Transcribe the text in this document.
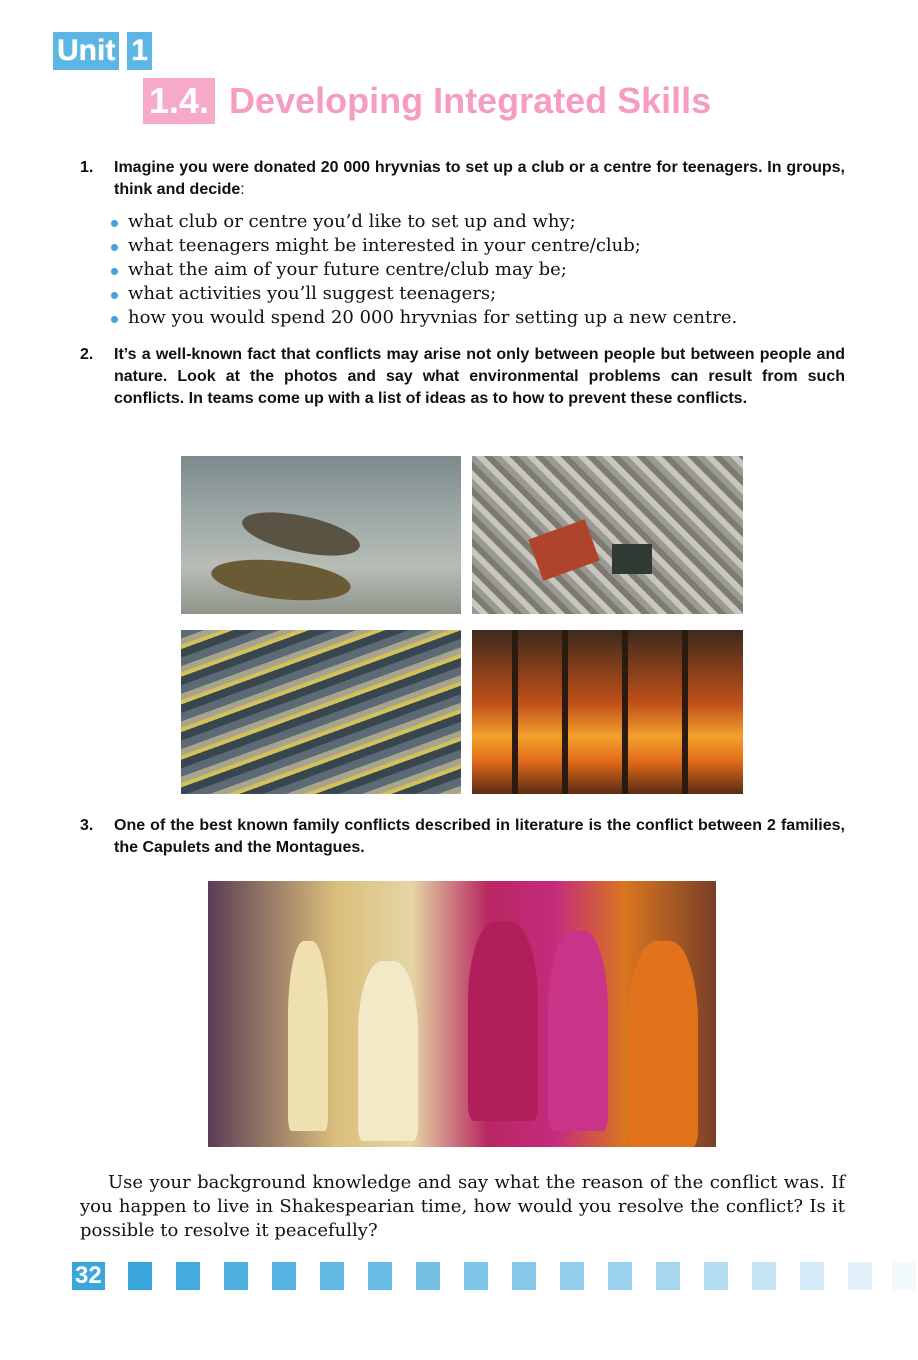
Unit 1
1.4. Developing Integrated Skills
1.	Imagine you were donated 20 000 hryvnias to set up a club or a centre for teenagers. In groups, think and decide:
what club or centre you’d like to set up and why;
what teenagers might be interested in your centre/club;
what the aim of your future centre/club may be;
what activities you’ll suggest teenagers;
how you would spend 20 000 hryvnias for setting up a new centre.
2.	It’s a well-known fact that conflicts may arise not only between people but between people and nature. Look at the photos and say what environmental problems can result from such conflicts. In teams come up with a list of ideas as to how to prevent these conflicts.
3.	One of the best known family conflicts described in literature is the conflict between 2 families, the Capulets and the Montagues.

Use your background knowledge and say what the reason of the conflict was. If you happen to live in Shakespearian time, how would you resolve the conflict? Is it possible to resolve it peacefully?

32
